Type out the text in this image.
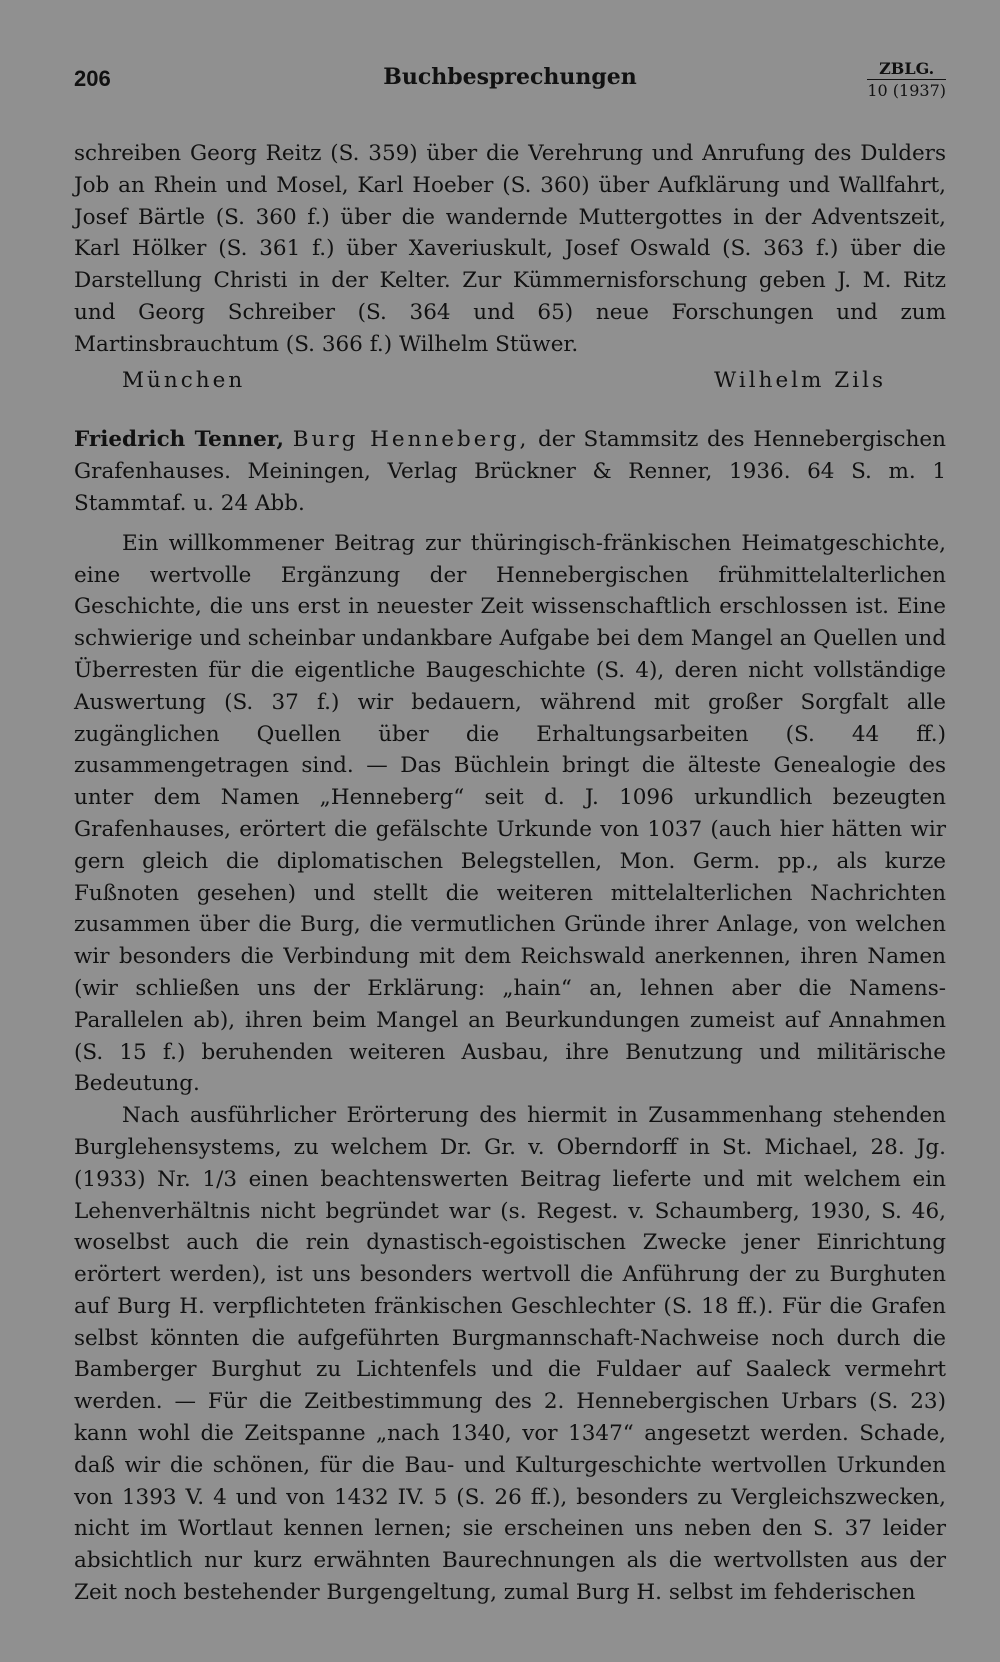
206	Buchbesprechungen	ZBLG.
10 (1937)

schreiben Georg Reitz (S. 359) über die Verehrung und Anrufung des Dulders Job an Rhein und Mosel, Karl Hoeber (S. 360) über Aufklärung und Wallfahrt, Josef Bärtle (S. 360 f.) über die wandernde Muttergottes in der Adventszeit, Karl Hölker (S. 361 f.) über Xaveriuskult, Josef Oswald (S. 363 f.) über die Darstellung Christi in der Kelter. Zur Kümmernisforschung geben J. M. Ritz und Georg Schreiber (S. 364 und 65) neue Forschungen und zum Martinsbrauchtum (S. 366 f.) Wilhelm Stüwer.

München	Wilhelm Zils

Friedrich Tenner, Burg Henneberg, der Stammsitz des Hennebergischen Grafenhauses. Meiningen, Verlag Brückner & Renner, 1936. 64 S. m. 1 Stammtaf. u. 24 Abb.

Ein willkommener Beitrag zur thüringisch-fränkischen Heimatgeschichte, eine wertvolle Ergänzung der Hennebergischen frühmittelalterlichen Geschichte, die uns erst in neuester Zeit wissenschaftlich erschlossen ist. Eine schwierige und scheinbar undankbare Aufgabe bei dem Mangel an Quellen und Überresten für die eigentliche Baugeschichte (S. 4), deren nicht vollständige Auswertung (S. 37 f.) wir bedauern, während mit großer Sorgfalt alle zugänglichen Quellen über die Erhaltungsarbeiten (S. 44 ff.) zusammengetragen sind. — Das Büchlein bringt die älteste Genealogie des unter dem Namen „Henneberg“ seit d. J. 1096 urkundlich bezeugten Grafenhauses, erörtert die gefälschte Urkunde von 1037 (auch hier hätten wir gern gleich die diplomatischen Belegstellen, Mon. Germ. pp., als kurze Fußnoten gesehen) und stellt die weiteren mittelalterlichen Nachrichten zusammen über die Burg, die vermutlichen Gründe ihrer Anlage, von welchen wir besonders die Verbindung mit dem Reichswald anerkennen, ihren Namen (wir schließen uns der Erklärung: „hain“ an, lehnen aber die Namens-Parallelen ab), ihren beim Mangel an Beurkundungen zumeist auf Annahmen (S. 15 f.) beruhenden weiteren Ausbau, ihre Benutzung und militärische Bedeutung.

Nach ausführlicher Erörterung des hiermit in Zusammenhang stehenden Burglehensystems, zu welchem Dr. Gr. v. Oberndorff in St. Michael, 28. Jg. (1933) Nr. 1/3 einen beachtenswerten Beitrag lieferte und mit welchem ein Lehenverhältnis nicht begründet war (s. Regest. v. Schaumberg, 1930, S. 46, woselbst auch die rein dynastisch-egoistischen Zwecke jener Einrichtung erörtert werden), ist uns besonders wertvoll die Anführung der zu Burghuten auf Burg H. verpflichteten fränkischen Geschlechter (S. 18 ff.). Für die Grafen selbst könnten die aufgeführten Burgmannschaft-Nachweise noch durch die Bamberger Burghut zu Lichtenfels und die Fuldaer auf Saaleck vermehrt werden. — Für die Zeitbestimmung des 2. Hennebergischen Urbars (S. 23) kann wohl die Zeitspanne „nach 1340, vor 1347“ angesetzt werden. Schade, daß wir die schönen, für die Bau- und Kulturgeschichte wertvollen Urkunden von 1393 V. 4 und von 1432 IV. 5 (S. 26 ff.), besonders zu Vergleichszwecken, nicht im Wortlaut kennen lernen; sie erscheinen uns neben den S. 37 leider absichtlich nur kurz erwähnten Baurechnungen als die wertvollsten aus der Zeit noch bestehender Burgengeltung, zumal Burg H. selbst im fehderischen
